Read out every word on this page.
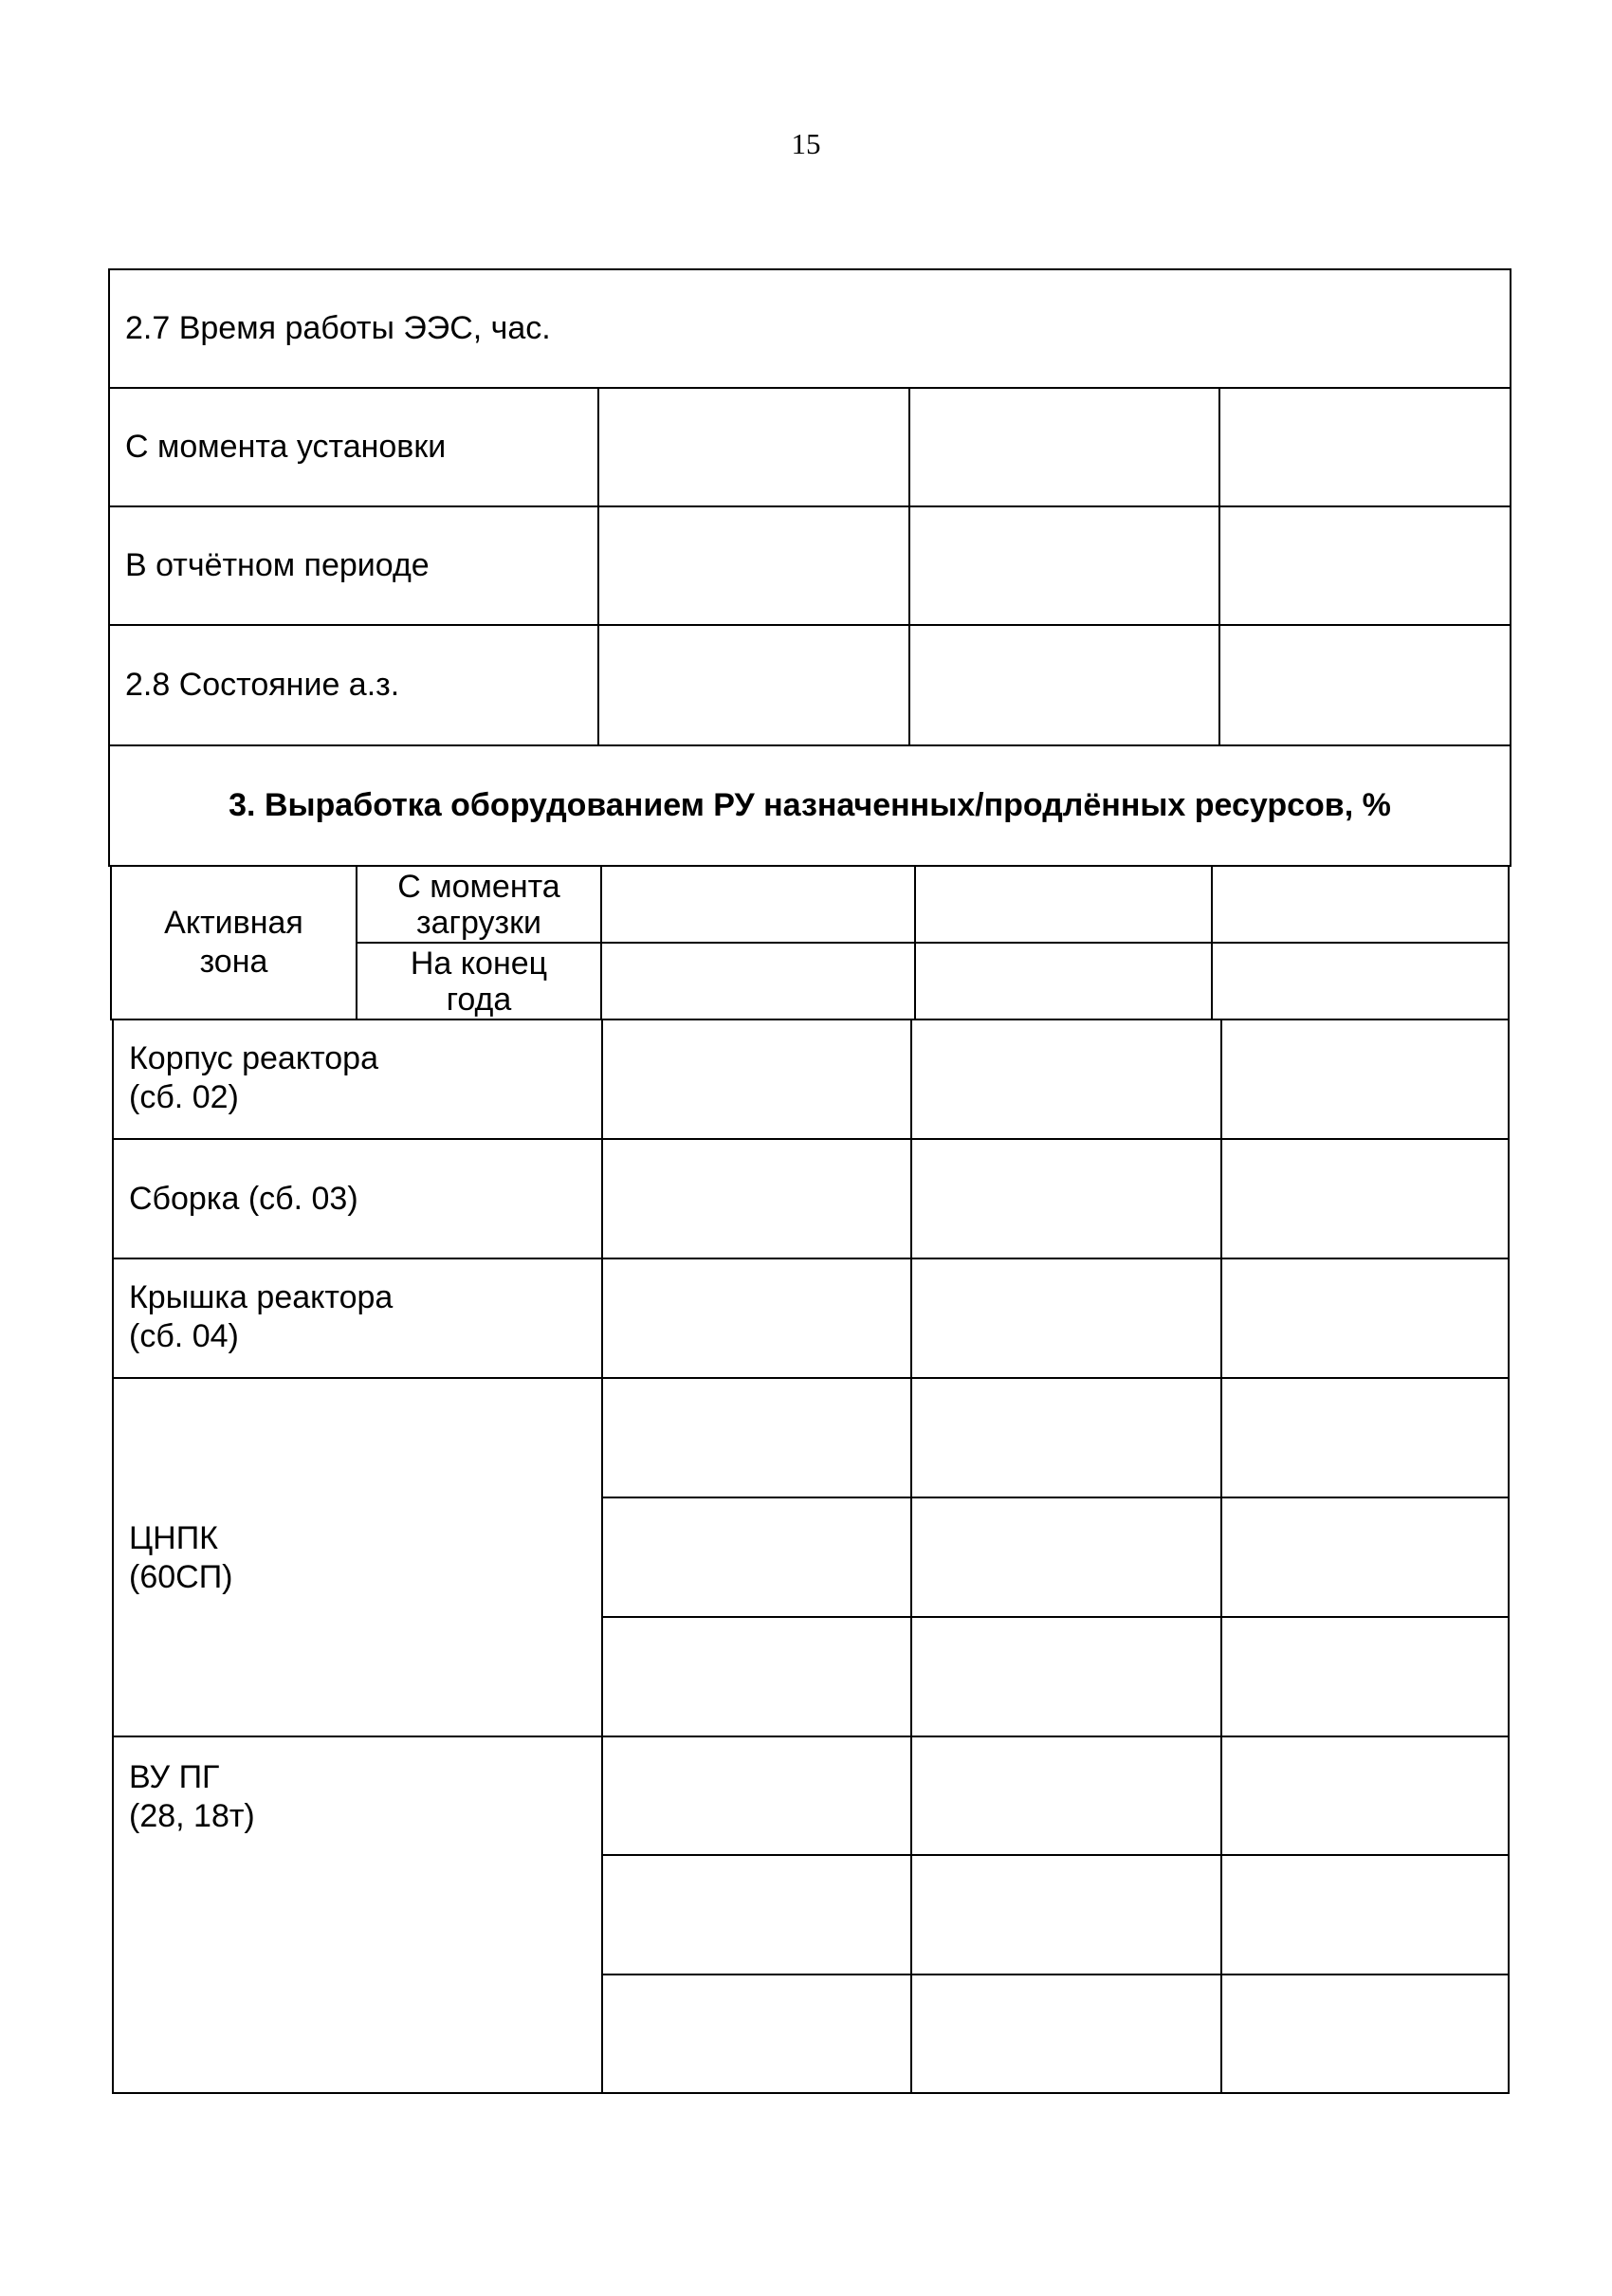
15
2.7 Время работы ЭЭС, час.
С момента установки
В отчётном периоде
2.8 Состояние а.з.
3. Выработка оборудованием РУ назначенных/продлённых ресурсов, %
Активная
зона
С момента
загрузки
На конец
года
Корпус реактора
(сб. 02)
Сборка (сб. 03)
Крышка реактора
(сб. 04)
ЦНПК
(60СП)
ВУ ПГ
(28, 18т)
